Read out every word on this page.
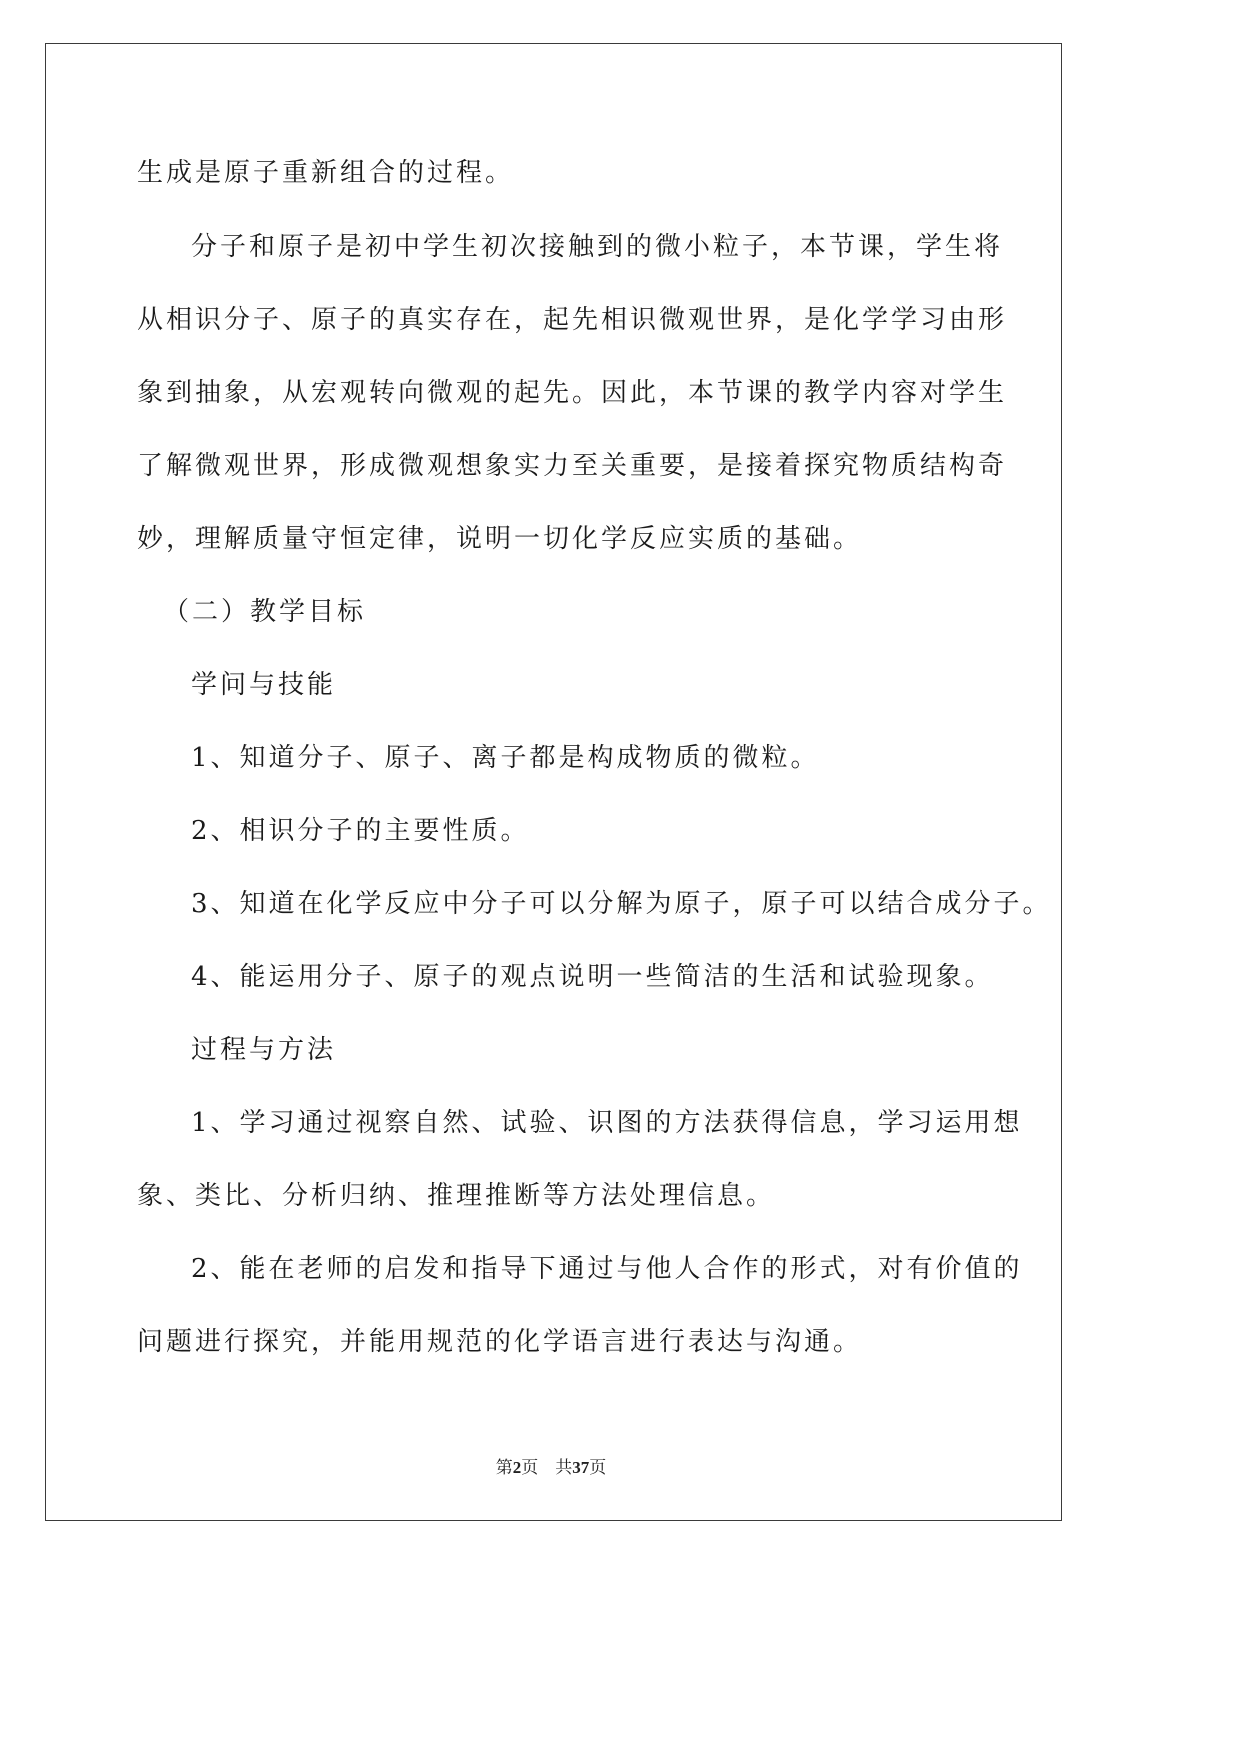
生成是原子重新组合的过程。
分子和原子是初中学生初次接触到的微小粒子，本节课，学生将
从相识分子、原子的真实存在，起先相识微观世界，是化学学习由形
象到抽象，从宏观转向微观的起先。因此，本节课的教学内容对学生
了解微观世界，形成微观想象实力至关重要，是接着探究物质结构奇
妙，理解质量守恒定律，说明一切化学反应实质的基础。
（二）教学目标
学问与技能
1、知道分子、原子、离子都是构成物质的微粒。
2、相识分子的主要性质。
3、知道在化学反应中分子可以分解为原子，原子可以结合成分子。
4、能运用分子、原子的观点说明一些简洁的生活和试验现象。
过程与方法
1、学习通过视察自然、试验、识图的方法获得信息，学习运用想
象、类比、分析归纳、推理推断等方法处理信息。
2、能在老师的启发和指导下通过与他人合作的形式，对有价值的
问题进行探究，并能用规范的化学语言进行表达与沟通。
第2页 共37页
